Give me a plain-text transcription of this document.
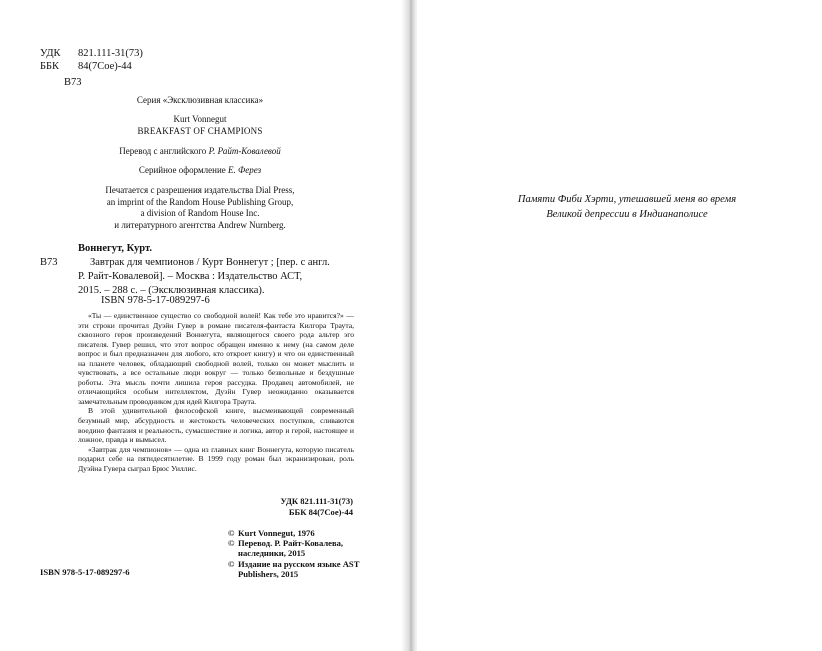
УДК 821.111-31(73)
ББК 84(7Сое)-44
В73
Серия «Эксклюзивная классика»
Kurt Vonnegut
BREAKFAST OF CHAMPIONS
Перевод с английского Р. Райт-Ковалевой
Серийное оформление Е. Ферез
Печатается с разрешения издательства Dial Press,
an imprint of the Random House Publishing Group,
a division of Random House Inc.
и литературного агентства Andrew Nurnberg.
Воннегут, Курт.
В73	Завтрак для чемпионов / Курт Воннегут ; [пер. с англ.
Р. Райт-Ковалевой]. – Москва : Издательство АСТ,
2015. – 288 с. – (Эксклюзивная классика).
ISBN 978-5-17-089297-6

«Ты — единственное существо со свободной волей! Как тебе это нравится?» — эти строки прочитал Дуэйн Гувер в романе писателя-фантаста Килгора Траута, сквозного героя произведений Воннегута, являющегося своего рода альтер эго писателя. Гувер решил, что этот вопрос обращен именно к нему (на самом деле вопрос и был предназначен для любого, кто откроет книгу) и что он единственный на планете человек, обладающий свободной волей, только он может мыслить и чувствовать, а все остальные люди вокруг — только безвольные и бездушные роботы. Эта мысль почти лишила героя рассудка. Продавец автомобилей, не отличающийся особым интеллектом, Дуэйн Гувер неожиданно оказывается замечательным проводником для идей Килгора Траута.

В этой удивительной философской книге, высмеивающей современный безумный мир, абсурдность и жестокость человеческих поступков, сливаются воедино фантазия и реальность, сумасшествие и логика, автор и герой, настоящее и ложное, правда и вымысел.

«Завтрак для чемпионов» — одна из главных книг Воннегута, которую писатель подарил себе на пятидесятилетие. В 1999 году роман был экранизирован, роль Дуэйна Гувера сыграл Брюс Уиллис.

УДК 821.111-31(73)
ББК 84(7Сое)-44
© Kurt Vonnegut, 1976
© Перевод. Р. Райт-Ковалева,
наследники, 2015
© Издание на русском языке AST
Publishers, 2015
ISBN 978-5-17-089297-6
Памяти Фиби Хэрти, утешавшей меня во время
Великой депрессии в Индианаполисе
